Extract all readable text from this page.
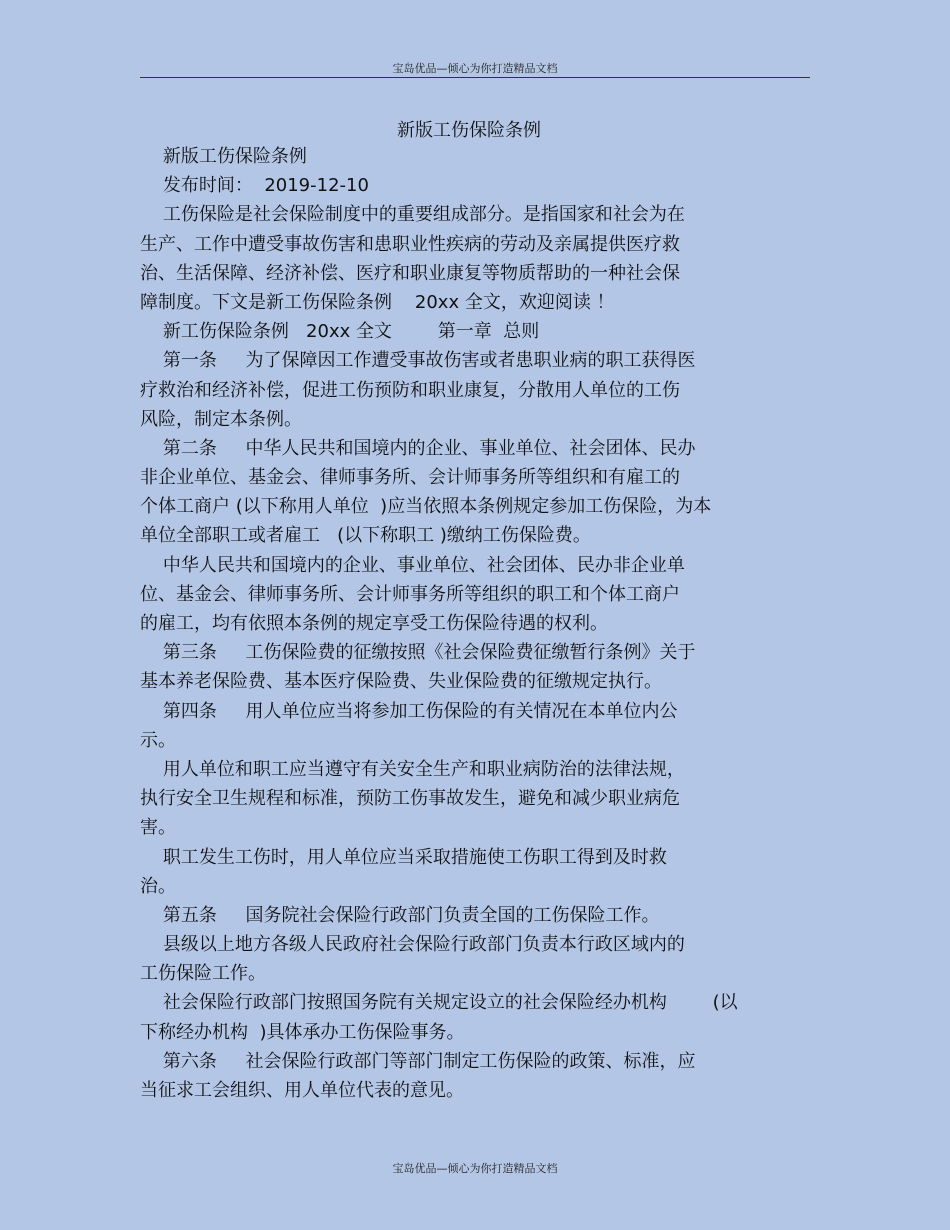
宝岛优品—倾心为你打造精品文档
新版工伤保险条例
新版工伤保险条例
发布时间：  2019-12-10
工伤保险是社会保险制度中的重要组成部分。是指国家和社会为在
生产、工作中遭受事故伤害和患职业性疾病的劳动及亲属提供医疗救
治、生活保障、经济补偿、医疗和职业康复等物质帮助的一种社会保
障制度。下文是新工伤保险条例    20xx 全文，欢迎阅读 ！
新工伤保险条例   20xx 全文        第一章  总则
第一条     为了保障因工作遭受事故伤害或者患职业病的职工获得医
疗救治和经济补偿，促进工伤预防和职业康复，分散用人单位的工伤
风险，制定本条例。
第二条     中华人民共和国境内的企业、事业单位、社会团体、民办
非企业单位、基金会、律师事务所、会计师事务所等组织和有雇工的
个体工商户 (以下称用人单位  )应当依照本条例规定参加工伤保险，为本
单位全部职工或者雇工   (以下称职工 )缴纳工伤保险费。
中华人民共和国境内的企业、事业单位、社会团体、民办非企业单
位、基金会、律师事务所、会计师事务所等组织的职工和个体工商户
的雇工，均有依照本条例的规定享受工伤保险待遇的权利。
第三条     工伤保险费的征缴按照《社会保险费征缴暂行条例》关于
基本养老保险费、基本医疗保险费、失业保险费的征缴规定执行。
第四条     用人单位应当将参加工伤保险的有关情况在本单位内公
示。
用人单位和职工应当遵守有关安全生产和职业病防治的法律法规，
执行安全卫生规程和标准，预防工伤事故发生，避免和减少职业病危
害。
职工发生工伤时，用人单位应当采取措施使工伤职工得到及时救
治。
第五条     国务院社会保险行政部门负责全国的工伤保险工作。
县级以上地方各级人民政府社会保险行政部门负责本行政区域内的
工伤保险工作。
社会保险行政部门按照国务院有关规定设立的社会保险经办机构        (以
下称经办机构  )具体承办工伤保险事务。
第六条     社会保险行政部门等部门制定工伤保险的政策、标准，应
当征求工会组织、用人单位代表的意见。
宝岛优品—倾心为你打造精品文档
